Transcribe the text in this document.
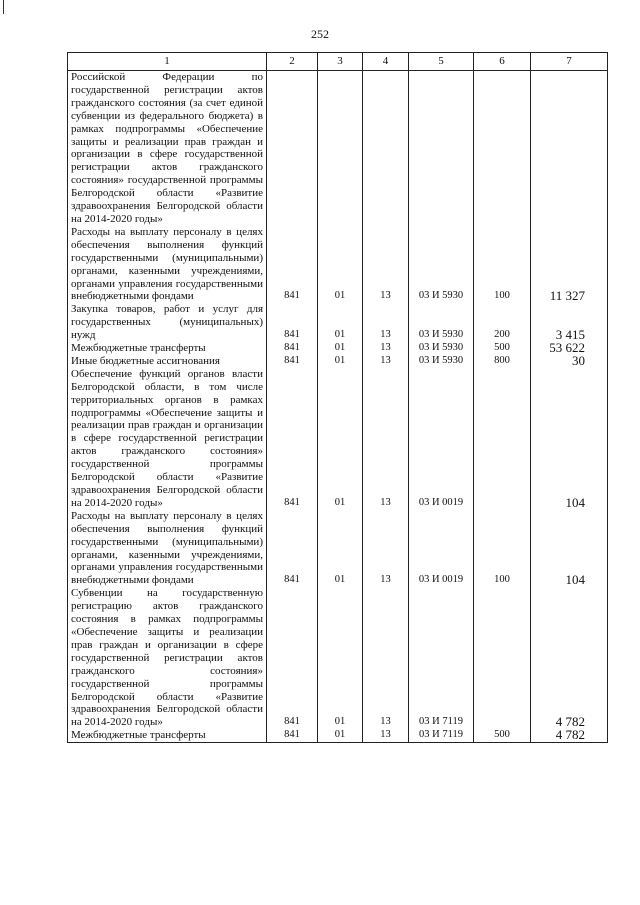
252
1	2	3	4	5	6	7
Российской Федерации по государственной регистрации актов гражданского состояния (за счет единой субвенции из федерального бюджета) в рамках подпрограммы «Обеспечение защиты и реализации прав граждан и организации в сфере государственной регистрации актов гражданского состояния» государственной программы Белгородской области «Развитие здравоохранения Белгородской области на 2014-2020 годы»						
Расходы на выплату персоналу в целях обеспечения выполнения функций государственными (муниципальными) органами, казенными учреждениями, органами управления государственными внебюджетными фондами	841	01	13	03 И 5930	100	11 327
Закупка товаров, работ и услуг для государственных (муниципальных) нужд	841	01	13	03 И 5930	200	3 415
Межбюджетные трансферты	841	01	13	03 И 5930	500	53 622
Иные бюджетные ассигнования	841	01	13	03 И 5930	800	30
Обеспечение функций органов власти Белгородской области, в том числе территориальных органов в рамках подпрограммы «Обеспечение защиты и реализации прав граждан и организации в сфере государственной регистрации актов гражданского состояния» государственной программы Белгородской области «Развитие здравоохранения Белгородской области на 2014-2020 годы»	841	01	13	03 И 0019		104
Расходы на выплату персоналу в целях обеспечения выполнения функций государственными (муниципальными) органами, казенными учреждениями, органами управления государственными внебюджетными фондами	841	01	13	03 И 0019	100	104
Субвенции на государственную регистрацию актов гражданского состояния в рамках подпрограммы «Обеспечение защиты и реализации прав граждан и организации в сфере государственной регистрации актов гражданского состояния» государственной программы Белгородской области «Развитие здравоохранения Белгородской области на 2014-2020 годы»	841	01	13	03 И 7119		4 782
Межбюджетные трансферты	841	01	13	03 И 7119	500	4 782
